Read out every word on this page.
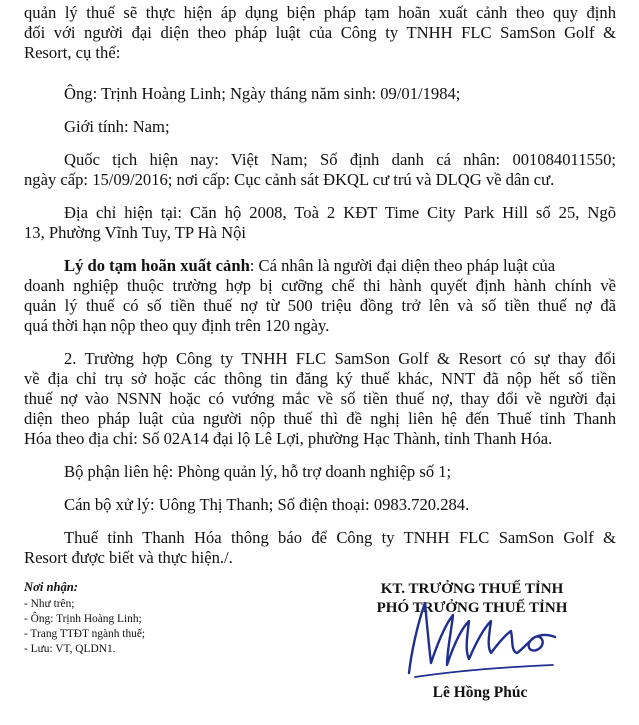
quản lý thuế sẽ thực hiện áp dụng biện pháp tạm hoãn xuất cảnh theo quy định
đối với người đại diện theo pháp luật của Công ty TNHH FLC SamSon Golf &
Resort, cụ thể:
Ông: Trịnh Hoàng Linh; Ngày tháng năm sinh: 09/01/1984;
Giới tính: Nam;
Quốc tịch hiện nay: Việt Nam; Số định danh cá nhân: 001084011550;
ngày cấp: 15/09/2016; nơi cấp: Cục cảnh sát ĐKQL cư trú và DLQG về dân cư.
Địa chỉ hiện tại: Căn hộ 2008, Toà 2 KĐT Time City Park Hill số 25, Ngõ
13, Phường Vĩnh Tuy, TP Hà Nội
Lý do tạm hoãn xuất cảnh: Cá nhân là người đại diện theo pháp luật của
doanh nghiệp thuộc trường hợp bị cưỡng chế thi hành quyết định hành chính về
quản lý thuế có số tiền thuế nợ từ 500 triệu đồng trở lên và số tiền thuế nợ đã
quá thời hạn nộp theo quy định trên 120 ngày.
2. Trường hợp Công ty TNHH FLC SamSon Golf & Resort có sự thay đổi
về địa chỉ trụ sở hoặc các thông tin đăng ký thuế khác, NNT đã nộp hết số tiền
thuế nợ vào NSNN hoặc có vướng mắc về số tiền thuế nợ, thay đổi về người đại
diện theo pháp luật của người nộp thuế thì đề nghị liên hệ đến Thuế tỉnh Thanh
Hóa theo địa chỉ: Số 02A14 đại lộ Lê Lợi, phường Hạc Thành, tỉnh Thanh Hóa.
Bộ phận liên hệ: Phòng quản lý, hỗ trợ doanh nghiệp số 1;
Cán bộ xử lý: Uông Thị Thanh; Số điện thoại: 0983.720.284.
Thuế tỉnh Thanh Hóa thông báo để Công ty TNHH FLC SamSon Golf &
Resort được biết và thực hiện./.
Nơi nhận:
- Như trên;
- Ông: Trịnh Hoàng Linh;
- Trang TTĐT ngành thuế;
- Lưu: VT, QLDN1.
KT. TRƯỞNG THUẾ TỈNH
PHÓ TRƯỞNG THUẾ TỈNH
Lê Hồng Phúc
